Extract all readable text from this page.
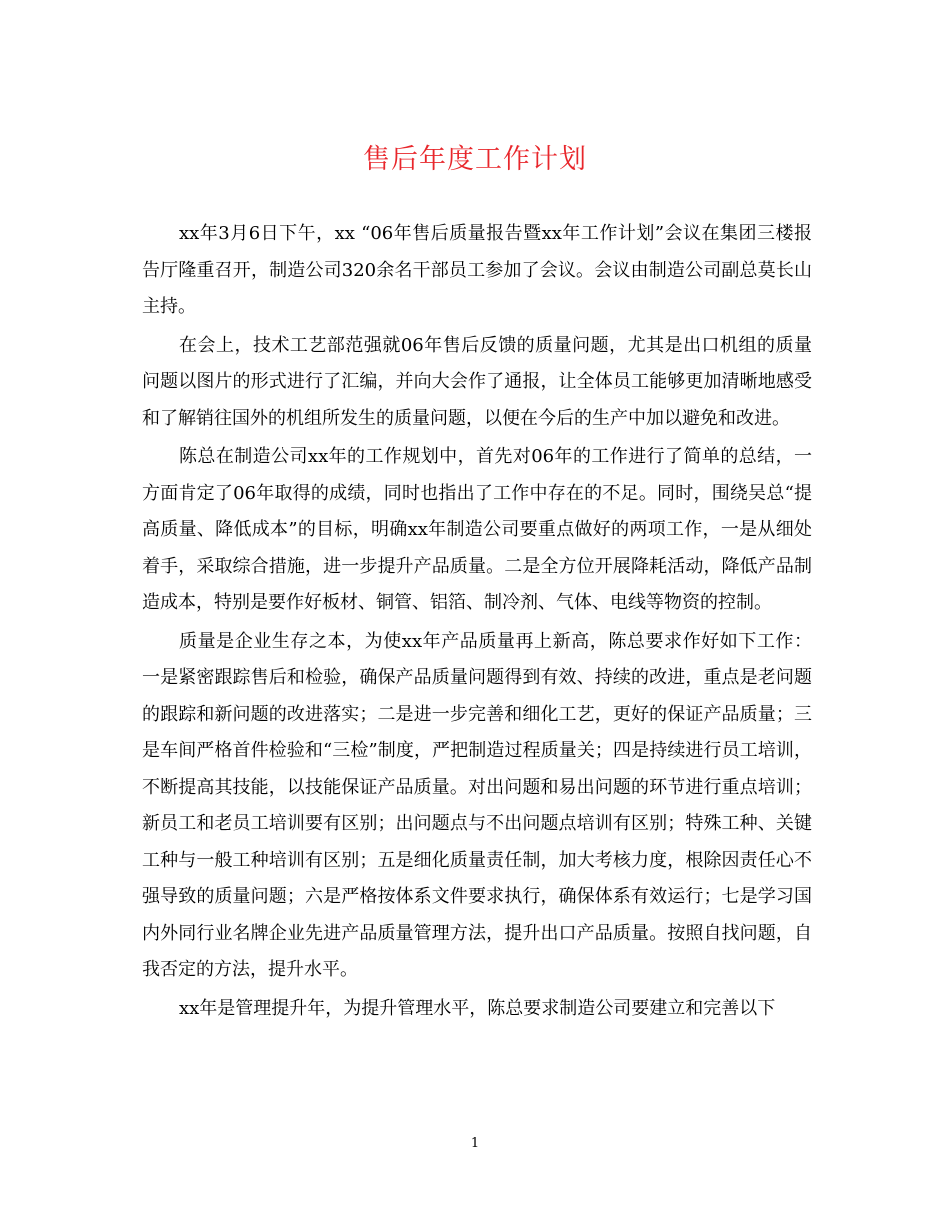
售后年度工作计划

xx年3月6日下午，xx “06年售后质量报告暨xx年工作计划”会议在集团三楼报告厅隆重召开，制造公司320余名干部员工参加了会议。会议由制造公司副总莫长山主持。

在会上，技术工艺部范强就06年售后反馈的质量问题，尤其是出口机组的质量问题以图片的形式进行了汇编，并向大会作了通报，让全体员工能够更加清晰地感受和了解销往国外的机组所发生的质量问题，以便在今后的生产中加以避免和改进。

陈总在制造公司xx年的工作规划中，首先对06年的工作进行了简单的总结，一方面肯定了06年取得的成绩，同时也指出了工作中存在的不足。同时，围绕吴总“提高质量、降低成本”的目标，明确xx年制造公司要重点做好的两项工作，一是从细处着手，采取综合措施，进一步提升产品质量。二是全方位开展降耗活动，降低产品制造成本，特别是要作好板材、铜管、铝箔、制冷剂、气体、电线等物资的控制。

质量是企业生存之本，为使xx年产品质量再上新高，陈总要求作好如下工作： 一是紧密跟踪售后和检验，确保产品质量问题得到有效、持续的改进，重点是老问题的跟踪和新问题的改进落实；二是进一步完善和细化工艺，更好的保证产品质量；三是车间严格首件检验和“三检”制度，严把制造过程质量关；四是持续进行员工培训，不断提高其技能，以技能保证产品质量。对出问题和易出问题的环节进行重点培训；新员工和老员工培训要有区别；出问题点与不出问题点培训有区别；特殊工种、关键工种与一般工种培训有区别；五是细化质量责任制，加大考核力度，根除因责任心不强导致的质量问题；六是严格按体系文件要求执行，确保体系有效运行；七是学习国内外同行业名牌企业先进产品质量管理方法，提升出口产品质量。按照自找问题，自我否定的方法，提升水平。

xx年是管理提升年，为提升管理水平，陈总要求制造公司要建立和完善以下

1
